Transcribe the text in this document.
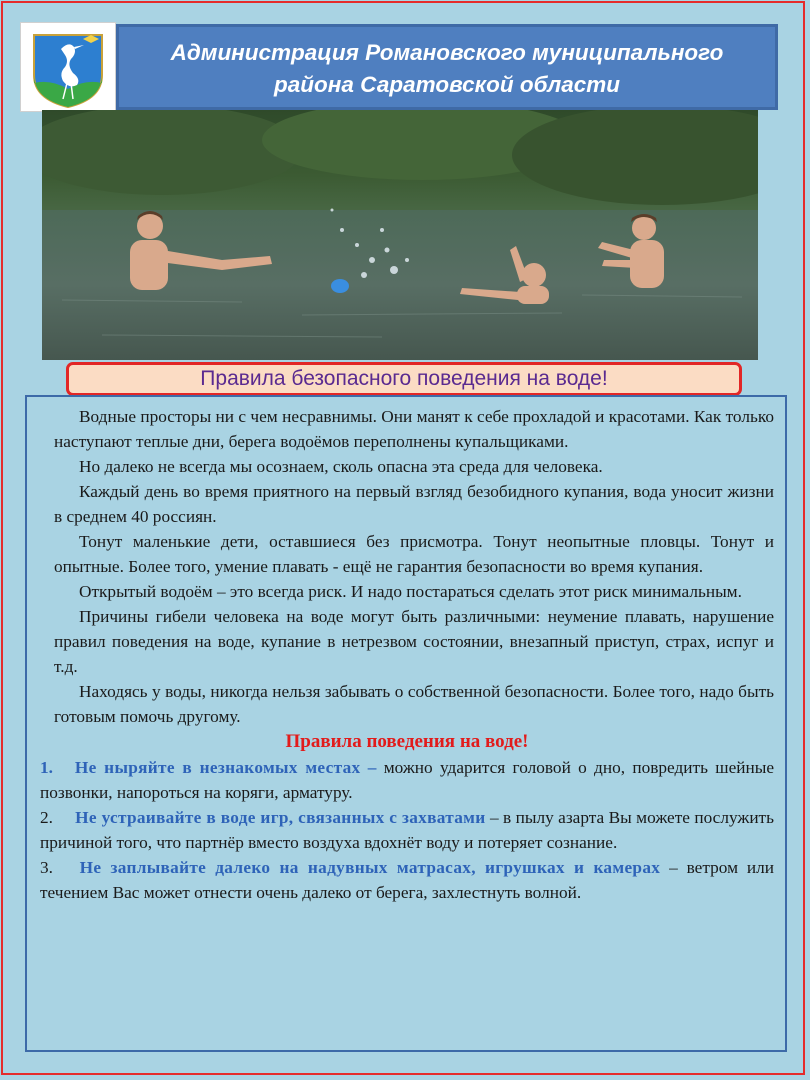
Администрация Романовского муниципального
района Саратовской области
Правила безопасного поведения на воде!

Водные просторы ни с чем несравнимы. Они манят к себе прохладой и красотами. Как только наступают теплые дни, берега водоёмов переполнены купальщиками.

Но далеко не всегда мы осознаем, сколь опасна эта среда для человека.

Каждый день во время приятного на первый взгляд безобидного купания, вода уносит жизни в среднем 40 россиян.

Тонут маленькие дети, оставшиеся без присмотра. Тонут неопытные пловцы. Тонут и опытные. Более того, умение плавать - ещё не гарантия безопасности во время купания.

Открытый водоём – это всегда риск. И надо постараться сделать этот риск минимальным.

Причины гибели человека на воде могут быть различными: неумение плавать, нарушение правил поведения на воде, купание в нетрезвом состоянии, внезапный приступ, страх, испуг и т.д.

Находясь у воды, никогда нельзя забывать о собственной безопасности. Более того, надо быть готовым помочь другому.

Правила поведения на воде!

1. Не ныряйте в незнакомых местах – можно ударится головой о дно, повредить шейные позвонки, напороться на коряги, арматуру.

2. Не устраивайте в воде игр, связанных с захватами – в пылу азарта Вы можете послужить причиной того, что партнёр вместо воздуха вдохнёт воду и потеряет сознание.

3. Не заплывайте далеко на надувных матрасах, игрушках и камерах – ветром или течением Вас может отнести очень далеко от берега, захлестнуть волной.
